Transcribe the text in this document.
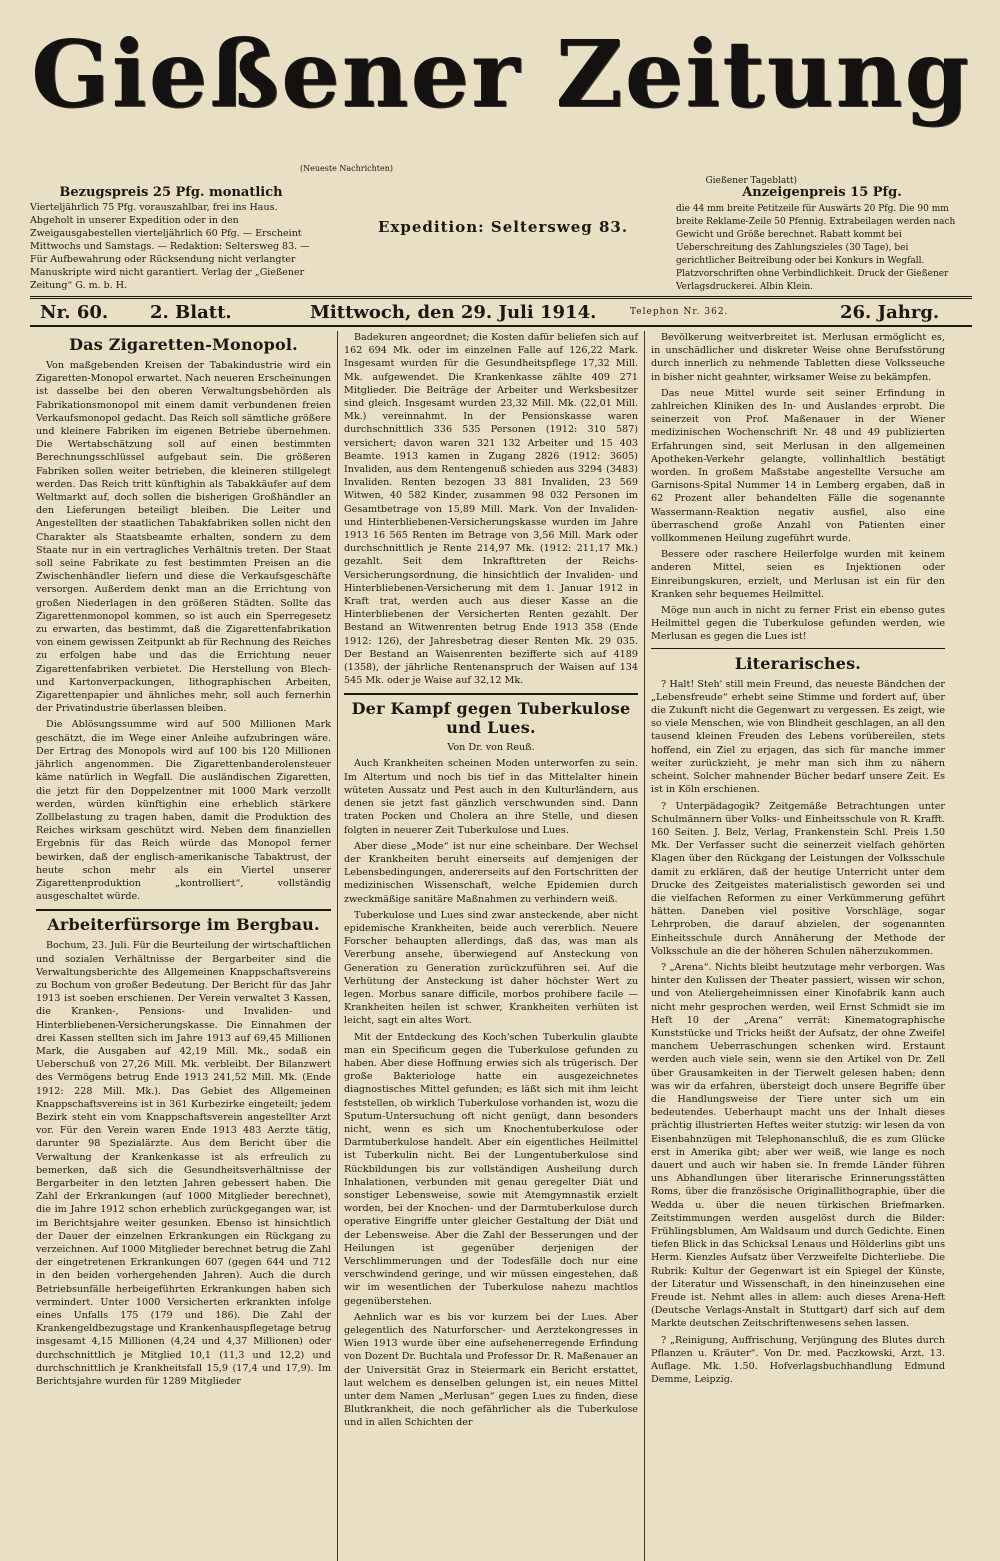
Gießener Zeitung
(Neueste Nachrichten)
Gießener Tageblatt)
Bezugspreis 25 Pfg. monatlich
Vierteljährlich 75 Pfg. vorauszahlbar, frei ins Haus. Abgeholt in unserer Expedition oder in den Zweigausgabestellen vierteljährlich 60 Pfg. — Erscheint Mittwochs und Samstags. — Redaktion: Seltersweg 83. — Für Aufbewahrung oder Rücksendung nicht verlangter Manuskripte wird nicht garantiert. Verlag der „Gießener Zeitung“ G. m. b. H.
Expedition: Seltersweg 83.
Anzeigenpreis 15 Pfg.
die 44 mm breite Petitzeile für Auswärts 20 Pfg. Die 90 mm breite Reklame-Zeile 50 Pfennig. Extrabeilagen werden nach Gewicht und Größe berechnet. Rabatt kommt bei Ueberschreitung des Zahlungszieles (30 Tage), bei gerichtlicher Beitreibung oder bei Konkurs in Wegfall. Platzvorschriften ohne Verbindlichkeit. Druck der Gießener Verlagsdruckerei. Albin Klein.
Nr. 60.	2. Blatt.	Mittwoch, den 29. Juli 1914.	Telephon Nr. 362.	26. Jahrg.
Das Zigaretten-Monopol.

Von maßgebenden Kreisen der Tabakindustrie wird ein Zigaretten-Monopol erwartet. Nach neueren Erscheinungen ist dasselbe bei den oberen Verwaltungsbehörden als Fabrikationsmonopol mit einem damit verbundenen freien Verkaufsmonopol gedacht. Das Reich soll sämtliche größere und kleinere Fabriken im eigenen Betriebe übernehmen. Die Wertabschätzung soll auf einen bestimmten Berechnungsschlüssel aufgebaut sein. Die größeren Fabriken sollen weiter betrieben, die kleineren stillgelegt werden. Das Reich tritt künftighin als Tabakkäufer auf dem Weltmarkt auf, doch sollen die bisherigen Großhändler an den Lieferungen beteiligt bleiben. Die Leiter und Angestellten der staatlichen Tabakfabriken sollen nicht den Charakter als Staatsbeamte erhalten, sondern zu dem Staate nur in ein vertragliches Verhältnis treten. Der Staat soll seine Fabrikate zu fest bestimmten Preisen an die Zwischenhändler liefern und diese die Verkaufsgeschäfte versorgen. Außerdem denkt man an die Errichtung von großen Niederlagen in den größeren Städten. Sollte das Zigarettenmonopol kommen, so ist auch ein Sperregesetz zu erwarten, das bestimmt, daß die Zigarettenfabrikation von einem gewissen Zeitpunkt ab für Rechnung des Reiches zu erfolgen habe und das die Errichtung neuer Zigarettenfabriken verbietet. Die Herstellung von Blech- und Kartonverpackungen, lithographischen Arbeiten, Zigarettenpapier und ähnliches mehr, soll auch fernerhin der Privatindustrie überlassen bleiben.

Die Ablösungssumme wird auf 500 Millionen Mark geschätzt, die im Wege einer Anleihe aufzubringen wäre. Der Ertrag des Monopols wird auf 100 bis 120 Millionen jährlich angenommen. Die Zigarettenbanderolensteuer käme natürlich in Wegfall. Die ausländischen Zigaretten, die jetzt für den Doppelzentner mit 1000 Mark verzollt werden, würden künftighin eine erheblich stärkere Zollbelastung zu tragen haben, damit die Produktion des Reiches wirksam geschützt wird. Neben dem finanziellen Ergebnis für das Reich würde das Monopol ferner bewirken, daß der englisch-amerikanische Tabaktrust, der heute schon mehr als ein Viertel unserer Zigarettenproduktion „kontrolliert“, vollständig ausgeschaltet würde.

Arbeiterfürsorge im Bergbau.

Bochum, 23. Juli. Für die Beurteilung der wirtschaftlichen und sozialen Verhältnisse der Bergarbeiter sind die Verwaltungsberichte des Allgemeinen Knappschaftsvereins zu Bochum von großer Bedeutung. Der Bericht für das Jahr 1913 ist soeben erschienen. Der Verein verwaltet 3 Kassen, die Kranken-, Pensions- und Invaliden- und Hinterbliebenen-Versicherungskasse. Die Einnahmen der drei Kassen stellten sich im Jahre 1913 auf 69,45 Millionen Mark, die Ausgaben auf 42,19 Mill. Mk., sodaß ein Ueberschuß von 27,26 Mill. Mk. verbleibt. Der Bilanzwert des Vermögens betrug Ende 1913 241,52 Mill. Mk. (Ende 1912: 228 Mill. Mk.). Das Gebiet des Allgemeinen Knappschaftsvereins ist in 361 Kurbezirke eingeteilt; jedem Bezirk steht ein vom Knappschaftsverein angestellter Arzt vor. Für den Verein waren Ende 1913 483 Aerzte tätig, darunter 98 Spezialärzte. Aus dem Bericht über die Verwaltung der Krankenkasse ist als erfreulich zu bemerken, daß sich die Gesundheitsverhältnisse der Bergarbeiter in den letzten Jahren gebessert haben. Die Zahl der Erkrankungen (auf 1000 Mitglieder berechnet), die im Jahre 1912 schon erheblich zurückgegangen war, ist im Berichtsjahre weiter gesunken. Ebenso ist hinsichtlich der Dauer der einzelnen Erkrankungen ein Rückgang zu verzeichnen. Auf 1000 Mitglieder berechnet betrug die Zahl der eingetretenen Erkrankungen 607 (gegen 644 und 712 in den beiden vorhergehenden Jahren). Auch die durch Betriebsunfälle herbeigeführten Erkrankungen haben sich vermindert. Unter 1000 Versicherten erkrankten infolge eines Unfalls 175 (179 und 186). Die Zahl der Krankengeldbezugstage und Krankenhauspflegetage betrug insgesamt 4,15 Millionen (4,24 und 4,37 Millionen) oder durchschnittlich je Mitglied 10,1 (11,3 und 12,2) und durchschnittlich je Krankheitsfall 15,9 (17,4 und 17,9). Im Berichtsjahre wurden für 1289 Mitglieder

Badekuren angeordnet; die Kosten dafür beliefen sich auf 162 694 Mk. oder im einzelnen Falle auf 126,22 Mark. Insgesamt wurden für die Gesundheitspflege 17,32 Mill. Mk. aufgewendet. Die Krankenkasse zählte 409 271 Mitglieder. Die Beiträge der Arbeiter und Werksbesitzer sind gleich. Insgesamt wurden 23,32 Mill. Mk. (22,01 Mill. Mk.) vereinnahmt. In der Pensionskasse waren durchschnittlich 336 535 Personen (1912: 310 587) versichert; davon waren 321 132 Arbeiter und 15 403 Beamte. 1913 kamen in Zugang 2826 (1912: 3605) Invaliden, aus dem Rentengenuß schieden aus 3294 (3483) Invaliden. Renten bezogen 33 881 Invaliden, 23 569 Witwen, 40 582 Kinder, zusammen 98 032 Personen im Gesamtbetrage von 15,89 Mill. Mark. Von der Invaliden- und Hinterbliebenen-Versicherungskasse wurden im Jahre 1913 16 565 Renten im Betrage von 3,56 Mill. Mark oder durchschnittlich je Rente 214,97 Mk. (1912: 211,17 Mk.) gezahlt. Seit dem Inkrafttreten der Reichs-Versicherungsordnung, die hinsichtlich der Invaliden- und Hinterbliebenen-Versicherung mit dem 1. Januar 1912 in Kraft trat, werden auch aus dieser Kasse an die Hinterbliebenen der Versicherten Renten gezahlt. Der Bestand an Witwenrenten betrug Ende 1913 358 (Ende 1912: 126), der Jahresbetrag dieser Renten Mk. 29 035. Der Bestand an Waisenrenten bezifferte sich auf 4189 (1358), der jährliche Rentenanspruch der Waisen auf 134 545 Mk. oder je Waise auf 32,12 Mk.

Der Kampf gegen Tuberkulose und Lues.
Von Dr. von Reuß.

Auch Krankheiten scheinen Moden unterworfen zu sein. Im Altertum und noch bis tief in das Mittelalter hinein wüteten Aussatz und Pest auch in den Kulturländern, aus denen sie jetzt fast gänzlich verschwunden sind. Dann traten Pocken und Cholera an ihre Stelle, und diesen folgten in neuerer Zeit Tuberkulose und Lues.

Aber diese „Mode“ ist nur eine scheinbare. Der Wechsel der Krankheiten beruht einerseits auf demjenigen der Lebensbedingungen, andererseits auf den Fortschritten der medizinischen Wissenschaft, welche Epidemien durch zweckmäßige sanitäre Maßnahmen zu verhindern weiß.

Tuberkulose und Lues sind zwar ansteckende, aber nicht epidemische Krankheiten, beide auch vererblich. Neuere Forscher behaupten allerdings, daß das, was man als Vererbung ansehe, überwiegend auf Ansteckung von Generation zu Generation zurückzuführen sei. Auf die Verhütung der Ansteckung ist daher höchster Wert zu legen. Morbus sanare difficile, morbos prohibere facile — Krankheiten heilen ist schwer, Krankheiten verhüten ist leicht, sagt ein altes Wort.

Mit der Entdeckung des Koch'schen Tuberkulin glaubte man ein Specificum gegen die Tuberkulose gefunden zu haben. Aber diese Hoffnung erwies sich als trügerisch. Der große Bakteriologe hatte ein ausgezeichnetes diagnostisches Mittel gefunden; es läßt sich mit ihm leicht feststellen, ob wirklich Tuberkulose vorhanden ist, wozu die Sputum-Untersuchung oft nicht genügt, dann besonders nicht, wenn es sich um Knochentuberkulose oder Darmtuberkulose handelt. Aber ein eigentliches Heilmittel ist Tuberkulin nicht. Bei der Lungentuberkulose sind Rückbildungen bis zur vollständigen Ausheilung durch Inhalationen, verbunden mit genau geregelter Diät und sonstiger Lebensweise, sowie mit Atemgymnastik erzielt worden, bei der Knochen- und der Darmtuberkulose durch operative Eingriffe unter gleicher Gestaltung der Diät und der Lebensweise. Aber die Zahl der Besserungen und der Heilungen ist gegenüber derjenigen der Verschlimmerungen und der Todesfälle doch nur eine verschwindend geringe, und wir müssen eingestehen, daß wir im wesentlichen der Tuberkulose nahezu machtlos gegenüberstehen.

Aehnlich war es bis vor kurzem bei der Lues. Aber gelegentlich des Naturforscher- und Aerztekongresses in Wien 1913 wurde über eine aufsehenerregende Erfindung von Dozent Dr. Buchtala und Professor Dr. R. Maßenauer an der Universität Graz in Steiermark ein Bericht erstattet, laut welchem es denselben gelungen ist, ein neues Mittel unter dem Namen „Merlusan“ gegen Lues zu finden, diese Blutkrankheit, die noch gefährlicher als die Tuberkulose und in allen Schichten der

Bevölkerung weitverbreitet ist. Merlusan ermöglicht es, in unschädlicher und diskreter Weise ohne Berufsstörung durch innerlich zu nehmende Tabletten diese Volksseuche in bisher nicht geahnter, wirksamer Weise zu bekämpfen.

Das neue Mittel wurde seit seiner Erfindung in zahlreichen Kliniken des In- und Auslandes erprobt. Die seinerzeit von Prof. Maßenauer in der Wiener medizinischen Wochenschrift Nr. 48 und 49 publizierten Erfahrungen sind, seit Merlusan in den allgemeinen Apotheken-Verkehr gelangte, vollinhaltlich bestätigt worden. In großem Maßstabe angestellte Versuche am Garnisons-Spital Nummer 14 in Lemberg ergaben, daß in 62 Prozent aller behandelten Fälle die sogenannte Wassermann-Reaktion negativ ausfiel, also eine überraschend große Anzahl von Patienten einer vollkommenen Heilung zugeführt wurde.

Bessere oder raschere Heilerfolge wurden mit keinem anderen Mittel, seien es Injektionen oder Einreibungskuren, erzielt, und Merlusan ist ein für den Kranken sehr bequemes Heilmittel.

Möge nun auch in nicht zu ferner Frist ein ebenso gutes Heilmittel gegen die Tuberkulose gefunden werden, wie Merlusan es gegen die Lues ist!

Literarisches.

? Halt! Steh' still mein Freund, das neueste Bändchen der „Lebensfreude“ erhebt seine Stimme und fordert auf, über die Zukunft nicht die Gegenwart zu vergessen. Es zeigt, wie so viele Menschen, wie von Blindheit geschlagen, an all den tausend kleinen Freuden des Lebens vorübereilen, stets hoffend, ein Ziel zu erjagen, das sich für manche immer weiter zurückzieht, je mehr man sich ihm zu nähern scheint. Solcher mahnender Bücher bedarf unsere Zeit. Es ist in Köln erschienen.

? Unterpädagogik? Zeitgemäße Betrachtungen unter Schulmännern über Volks- und Einheitsschule von R. Krafft. 160 Seiten. J. Belz, Verlag, Frankenstein Schl. Preis 1.50 Mk. Der Verfasser sucht die seinerzeit vielfach gehörten Klagen über den Rückgang der Leistungen der Volksschule damit zu erklären, daß der heutige Unterricht unter dem Drucke des Zeitgeistes materialistisch geworden sei und die vielfachen Reformen zu einer Verkümmerung geführt hätten. Daneben viel positive Vorschläge, sogar Lehrproben, die darauf abzielen, der sogenannten Einheitsschule durch Annäherung der Methode der Volksschule an die der höheren Schulen näherzukommen.

? „Arena“. Nichts bleibt heutzutage mehr verborgen. Was hinter den Kulissen der Theater passiert, wissen wir schon, und von Ateliergeheimnissen einer Kinofabrik kann auch nicht mehr gesprochen werden, weil Ernst Schmidt sie im Heft 10 der „Arena“ verrät: Kinematographische Kunststücke und Tricks heißt der Aufsatz, der ohne Zweifel manchem Ueberraschungen schenken wird. Erstaunt werden auch viele sein, wenn sie den Artikel von Dr. Zell über Grausamkeiten in der Tierwelt gelesen haben; denn was wir da erfahren, übersteigt doch unsere Begriffe über die Handlungsweise der Tiere unter sich um ein bedeutendes. Ueberhaupt macht uns der Inhalt dieses prächtig illustrierten Heftes weiter stutzig: wir lesen da von Eisenbahnzügen mit Telephonanschluß, die es zum Glücke erst in Amerika gibt; aber wer weiß, wie lange es noch dauert und auch wir haben sie. In fremde Länder führen uns Abhandlungen über literarische Erinnerungsstätten Roms, über die französische Originallithographie, über die Wedda u. über die neuen türkischen Briefmarken. Zeitstimmungen werden ausgelöst durch die Bilder: Frühlingsblumen, Am Waldsaum und durch Gedichte. Einen tiefen Blick in das Schicksal Lenaus und Hölderlins gibt uns Herm. Kienzles Aufsatz über Verzweifelte Dichterliebe. Die Rubrik: Kultur der Gegenwart ist ein Spiegel der Künste, der Literatur und Wissenschaft, in den hineinzusehen eine Freude ist. Nehmt alles in allem: auch dieses Arena-Heft (Deutsche Verlags-Anstalt in Stuttgart) darf sich auf dem Markte deutschen Zeitschriftenwesens sehen lassen.

? „Reinigung, Auffrischung, Verjüngung des Blutes durch Pflanzen u. Kräuter“. Von Dr. med. Paczkowski, Arzt. 13. Auflage. Mk. 1.50. Hofverlagsbuchhandlung Edmund Demme, Leipzig.
